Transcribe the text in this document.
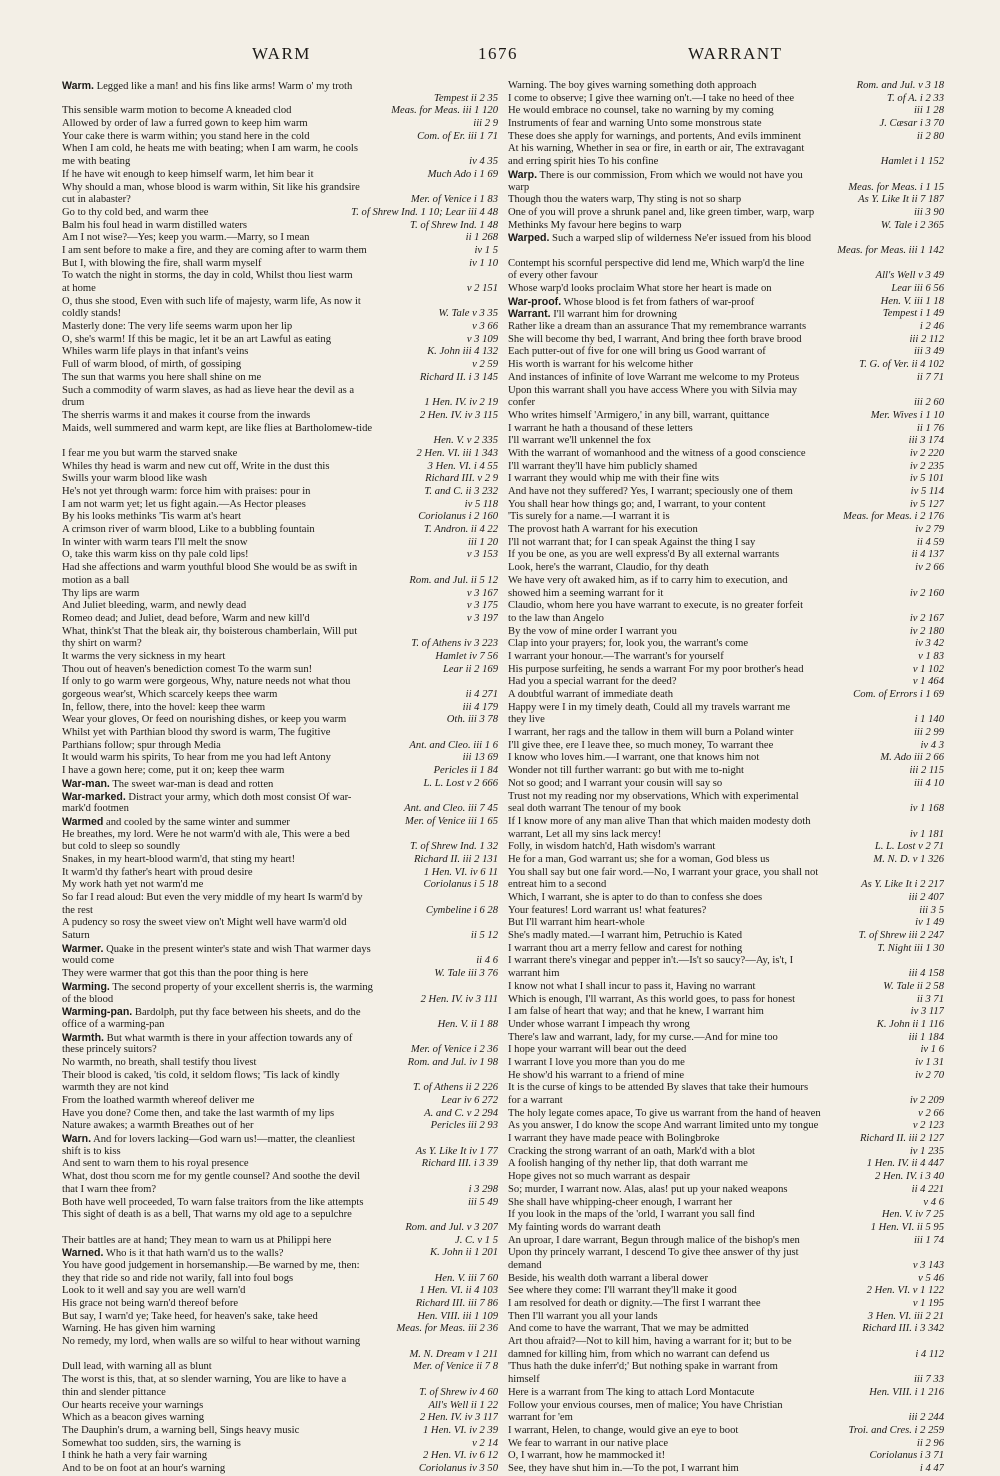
WARM	1676	WARRANT
Warm. Legged like a man! and his fins like arms! Warm o' my troth
Tempest ii 2 35
This sensible warm motion to become A kneaded clod	Meas. for Meas. iii 1 120
Allowed by order of law a furred gown to keep him warm	iii 2 9
Your cake there is warm within; you stand here in the cold	Com. of Er. iii 1 71
When I am cold, he heats me with beating; when I am warm, he cools
me with beating	iv 4 35
If he have wit enough to keep himself warm, let him bear it	Much Ado i 1 69
Why should a man, whose blood is warm within, Sit like his grandsire
cut in alabaster?	Mer. of Venice i 1 83
Go to thy cold bed, and warm thee	T. of Shrew Ind. 1 10; Lear iii 4 48
Balm his foul head in warm distilled waters	T. of Shrew Ind. 1 48
Am I not wise?—Yes; keep you warm.—Marry, so I mean	ii 1 268
I am sent before to make a fire, and they are coming after to warm them	iv 1 5
But I, with blowing the fire, shall warm myself	iv 1 10
To watch the night in storms, the day in cold, Whilst thou liest warm
at home	v 2 151
O, thus she stood, Even with such life of majesty, warm life, As now it
coldly stands!	W. Tale v 3 35
Masterly done: The very life seems warm upon her lip	v 3 66
O, she's warm! If this be magic, let it be an art Lawful as eating	v 3 109
Whiles warm life plays in that infant's veins	K. John iii 4 132
Full of warm blood, of mirth, of gossiping	v 2 59
The sun that warms you here shall shine on me	Richard II. i 3 145
Such a commodity of warm slaves, as had as lieve hear the devil as a
drum	1 Hen. IV. iv 2 19
The sherris warms it and makes it course from the inwards	2 Hen. IV. iv 3 115
Maids, well summered and warm kept, are like flies at Bartholomew-tide
Hen. V. v 2 335
I fear me you but warm the starved snake	2 Hen. VI. iii 1 343
Whiles thy head is warm and new cut off, Write in the dust this	3 Hen. VI. i 4 55
Swills your warm blood like wash	Richard III. v 2 9
He's not yet through warm: force him with praises: pour in	T. and C. ii 3 232
I am not warm yet; let us fight again.—As Hector pleases	iv 5 118
By his looks methinks 'Tis warm at's heart	Coriolanus i 2 160
A crimson river of warm blood, Like to a bubbling fountain	T. Andron. ii 4 22
In winter with warm tears I'll melt the snow	iii 1 20
O, take this warm kiss on thy pale cold lips!	v 3 153
Had she affections and warm youthful blood She would be as swift in
motion as a ball	Rom. and Jul. ii 5 12
Thy lips are warm	v 3 167
And Juliet bleeding, warm, and newly dead	v 3 175
Romeo dead; and Juliet, dead before, Warm and new kill'd	v 3 197
What, think'st That the bleak air, thy boisterous chamberlain, Will put
thy shirt on warm?	T. of Athens iv 3 223
It warms the very sickness in my heart	Hamlet iv 7 56
Thou out of heaven's benediction comest To the warm sun!	Lear ii 2 169
If only to go warm were gorgeous, Why, nature needs not what thou
gorgeous wear'st, Which scarcely keeps thee warm	ii 4 271
In, fellow, there, into the hovel: keep thee warm	iii 4 179
Wear your gloves, Or feed on nourishing dishes, or keep you warm	Oth. iii 3 78
Whilst yet with Parthian blood thy sword is warm, The fugitive
Parthians follow; spur through Media	Ant. and Cleo. iii 1 6
It would warm his spirits, To hear from me you had left Antony	iii 13 69
I have a gown here; come, put it on; keep thee warm	Pericles ii 1 84
War-man. The sweet war-man is dead and rotten	L. L. Lost v 2 666
War-marked. Distract your army, which doth most consist Of war-
mark'd footmen	Ant. and Cleo. iii 7 45
Warmed and cooled by the same winter and summer	Mer. of Venice iii 1 65
He breathes, my lord. Were he not warm'd with ale, This were a bed
but cold to sleep so soundly	T. of Shrew Ind. 1 32
Snakes, in my heart-blood warm'd, that sting my heart!	Richard II. iii 2 131
It warm'd thy father's heart with proud desire	1 Hen. VI. iv 6 11
My work hath yet not warm'd me	Coriolanus i 5 18
So far I read aloud: But even the very middle of my heart Is warm'd by
the rest	Cymbeline i 6 28
A pudency so rosy the sweet view on't Might well have warm'd old
Saturn	ii 5 12
Warmer. Quake in the present winter's state and wish That warmer days
would come	ii 4 6
They were warmer that got this than the poor thing is here	W. Tale iii 3 76
Warming. The second property of your excellent sherris is, the warming
of the blood	2 Hen. IV. iv 3 111
Warming-pan. Bardolph, put thy face between his sheets, and do the
office of a warming-pan	Hen. V. ii 1 88
Warmth. But what warmth is there in your affection towards any of
these princely suitors?	Mer. of Venice i 2 36
No warmth, no breath, shall testify thou livest	Rom. and Jul. iv 1 98
Their blood is caked, 'tis cold, it seldom flows; 'Tis lack of kindly
warmth they are not kind	T. of Athens ii 2 226
From the loathed warmth whereof deliver me	Lear iv 6 272
Have you done? Come then, and take the last warmth of my lips	A. and C. v 2 294
Nature awakes; a warmth Breathes out of her	Pericles iii 2 93
Warn. And for lovers lacking—God warn us!—matter, the cleanliest
shift is to kiss	As Y. Like It iv 1 77
And sent to warn them to his royal presence	Richard III. i 3 39
What, dost thou scorn me for my gentle counsel? And soothe the devil
that I warn thee from?	i 3 298
Both have well proceeded, To warn false traitors from the like attempts	iii 5 49
This sight of death is as a bell, That warns my old age to a sepulchre
Rom. and Jul. v 3 207
Their battles are at hand; They mean to warn us at Philippi here	J. C. v 1 5
Warned. Who is it that hath warn'd us to the walls?	K. John ii 1 201
You have good judgement in horsemanship.—Be warned by me, then:
they that ride so and ride not warily, fall into foul bogs	Hen. V. iii 7 60
Look to it well and say you are well warn'd	1 Hen. VI. ii 4 103
His grace not being warn'd thereof before	Richard III. iii 7 86
But say, I warn'd ye; Take heed, for heaven's sake, take heed	Hen. VIII. iii 1 109
Warning. He has given him warning	Meas. for Meas. iii 2 36
No remedy, my lord, when walls are so wilful to hear without warning
M. N. Dream v 1 211
Dull lead, with warning all as blunt	Mer. of Venice ii 7 8
The worst is this, that, at so slender warning, You are like to have a
thin and slender pittance	T. of Shrew iv 4 60
Our hearts receive your warnings	All's Well ii 1 22
Which as a beacon gives warning	2 Hen. IV. iv 3 117
The Dauphin's drum, a warning bell, Sings heavy music	1 Hen. VI. iv 2 39
Somewhat too sudden, sirs, the warning is	v 2 14
I think he hath a very fair warning	2 Hen. VI. iv 6 12
And to be on foot at an hour's warning	Coriolanus iv 3 50
Warning. The boy gives warning something doth approach	Rom. and Jul. v 3 18
I come to observe; I give thee warning on't.—I take no heed of thee	T. of A. i 2 33
He would embrace no counsel, take no warning by my coming	iii 1 28
Instruments of fear and warning Unto some monstrous state	J. Cæsar i 3 70
These does she apply for warnings, and portents, And evils imminent	ii 2 80
At his warning, Whether in sea or fire, in earth or air, The extravagant
and erring spirit hies To his confine	Hamlet i 1 152
Warp. There is our commission, From which we would not have you
warp	Meas. for Meas. i 1 15
Though thou the waters warp, Thy sting is not so sharp	As Y. Like It ii 7 187
One of you will prove a shrunk panel and, like green timber, warp, warp	iii 3 90
Methinks My favour here begins to warp	W. Tale i 2 365
Warped. Such a warped slip of wilderness Ne'er issued from his blood
Meas. for Meas. iii 1 142
Contempt his scornful perspective did lend me, Which warp'd the line
of every other favour	All's Well v 3 49
Whose warp'd looks proclaim What store her heart is made on	Lear iii 6 56
War-proof. Whose blood is fet from fathers of war-proof	Hen. V. iii 1 18
Warrant. I'll warrant him for drowning	Tempest i 1 49
Rather like a dream than an assurance That my remembrance warrants	i 2 46
She will become thy bed, I warrant, And bring thee forth brave brood	iii 2 112
Each putter-out of five for one will bring us Good warrant of	iii 3 49
His worth is warrant for his welcome hither	T. G. of Ver. ii 4 102
And instances of infinite of love Warrant me welcome to my Proteus	ii 7 71
Upon this warrant shall you have access Where you with Silvia may
confer	iii 2 60
Who writes himself 'Armigero,' in any bill, warrant, quittance	Mer. Wives i 1 10
I warrant he hath a thousand of these letters	ii 1 76
I'll warrant we'll unkennel the fox	iii 3 174
With the warrant of womanhood and the witness of a good conscience	iv 2 220
I'll warrant they'll have him publicly shamed	iv 2 235
I warrant they would whip me with their fine wits	iv 5 101
And have not they suffered? Yes, I warrant; speciously one of them	iv 5 114
You shall hear how things go; and, I warrant, to your content	iv 5 127
'Tis surely for a name.—I warrant it is	Meas. for Meas. i 2 176
The provost hath A warrant for his execution	iv 2 79
I'll not warrant that; for I can speak Against the thing I say	ii 4 59
If you be one, as you are well express'd By all external warrants	ii 4 137
Look, here's the warrant, Claudio, for thy death	iv 2 66
We have very oft awaked him, as if to carry him to execution, and
showed him a seeming warrant for it	iv 2 160
Claudio, whom here you have warrant to execute, is no greater forfeit
to the law than Angelo	iv 2 167
By the vow of mine order I warrant you	iv 2 180
Clap into your prayers; for, look you, the warrant's come	iv 3 42
I warrant your honour.—The warrant's for yourself	v 1 83
His purpose surfeiting, he sends a warrant For my poor brother's head	v 1 102
Had you a special warrant for the deed?	v 1 464
A doubtful warrant of immediate death	Com. of Errors i 1 69
Happy were I in my timely death, Could all my travels warrant me
they live	i 1 140
I warrant, her rags and the tallow in them will burn a Poland winter	iii 2 99
I'll give thee, ere I leave thee, so much money, To warrant thee	iv 4 3
I know who loves him.—I warrant, one that knows him not	M. Ado iii 2 66
Wonder not till further warrant: go but with me to-night	iii 2 115
Not so good; and I warrant your cousin will say so	iii 4 10
Trust not my reading nor my observations, Which with experimental
seal doth warrant The tenour of my book	iv 1 168
If I know more of any man alive Than that which maiden modesty doth
warrant, Let all my sins lack mercy!	iv 1 181
Folly, in wisdom hatch'd, Hath wisdom's warrant	L. L. Lost v 2 71
He for a man, God warrant us; she for a woman, God bless us	M. N. D. v 1 326
You shall say but one fair word.—No, I warrant your grace, you shall not
entreat him to a second	As Y. Like It i 2 217
Which, I warrant, she is apter to do than to confess she does	iii 2 407
Your features! Lord warrant us! what features?	iii 3 5
But I'll warrant him heart-whole	iv 1 49
She's madly mated.—I warrant him, Petruchio is Kated	T. of Shrew iii 2 247
I warrant thou art a merry fellow and carest for nothing	T. Night iii 1 30
I warrant there's vinegar and pepper in't.—Is't so saucy?—Ay, is't, I
warrant him	iii 4 158
I know not what I shall incur to pass it, Having no warrant	W. Tale ii 2 58
Which is enough, I'll warrant, As this world goes, to pass for honest	ii 3 71
I am false of heart that way; and that he knew, I warrant him	iv 3 117
Under whose warrant I impeach thy wrong	K. John ii 1 116
There's law and warrant, lady, for my curse.—And for mine too	iii 1 184
I hope your warrant will bear out the deed	iv 1 6
I warrant I love you more than you do me	iv 1 31
He show'd his warrant to a friend of mine	iv 2 70
It is the curse of kings to be attended By slaves that take their humours
for a warrant	iv 2 209
The holy legate comes apace, To give us warrant from the hand of heaven	v 2 66
As you answer, I do know the scope And warrant limited unto my tongue	v 2 123
I warrant they have made peace with Bolingbroke	Richard II. iii 2 127
Cracking the strong warrant of an oath, Mark'd with a blot	iv 1 235
A foolish hanging of thy nether lip, that doth warrant me	1 Hen. IV. ii 4 447
Hope gives not so much warrant as despair	2 Hen. IV. i 3 40
So; murder, I warrant now. Alas, alas! put up your naked weapons	ii 4 221
She shall have whipping-cheer enough, I warrant her	v 4 6
If you look in the maps of the 'orld, I warrant you sall find	Hen. V. iv 7 25
My fainting words do warrant death	1 Hen. VI. ii 5 95
An uproar, I dare warrant, Begun through malice of the bishop's men	iii 1 74
Upon thy princely warrant, I descend To give thee answer of thy just
demand	v 3 143
Beside, his wealth doth warrant a liberal dower	v 5 46
See where they come: I'll warrant they'll make it good	2 Hen. VI. v 1 122
I am resolved for death or dignity.—The first I warrant thee	v 1 195
Then I'll warrant you all your lands	3 Hen. VI. iii 2 21
And come to have the warrant, That we may be admitted	Richard III. i 3 342
Art thou afraid?—Not to kill him, having a warrant for it; but to be
damned for killing him, from which no warrant can defend us	i 4 112
'Thus hath the duke inferr'd;' But nothing spake in warrant from
himself	iii 7 33
Here is a warrant from The king to attach Lord Montacute	Hen. VIII. i 1 216
Follow your envious courses, men of malice; You have Christian
warrant for 'em	iii 2 244
I warrant, Helen, to change, would give an eye to boot	Troi. and Cres. i 2 259
We fear to warrant in our native place	ii 2 96
O, I warrant, how he mammocked it!	Coriolanus i 3 71
See, they have shut him in.—To the pot, I warrant him	i 4 47
